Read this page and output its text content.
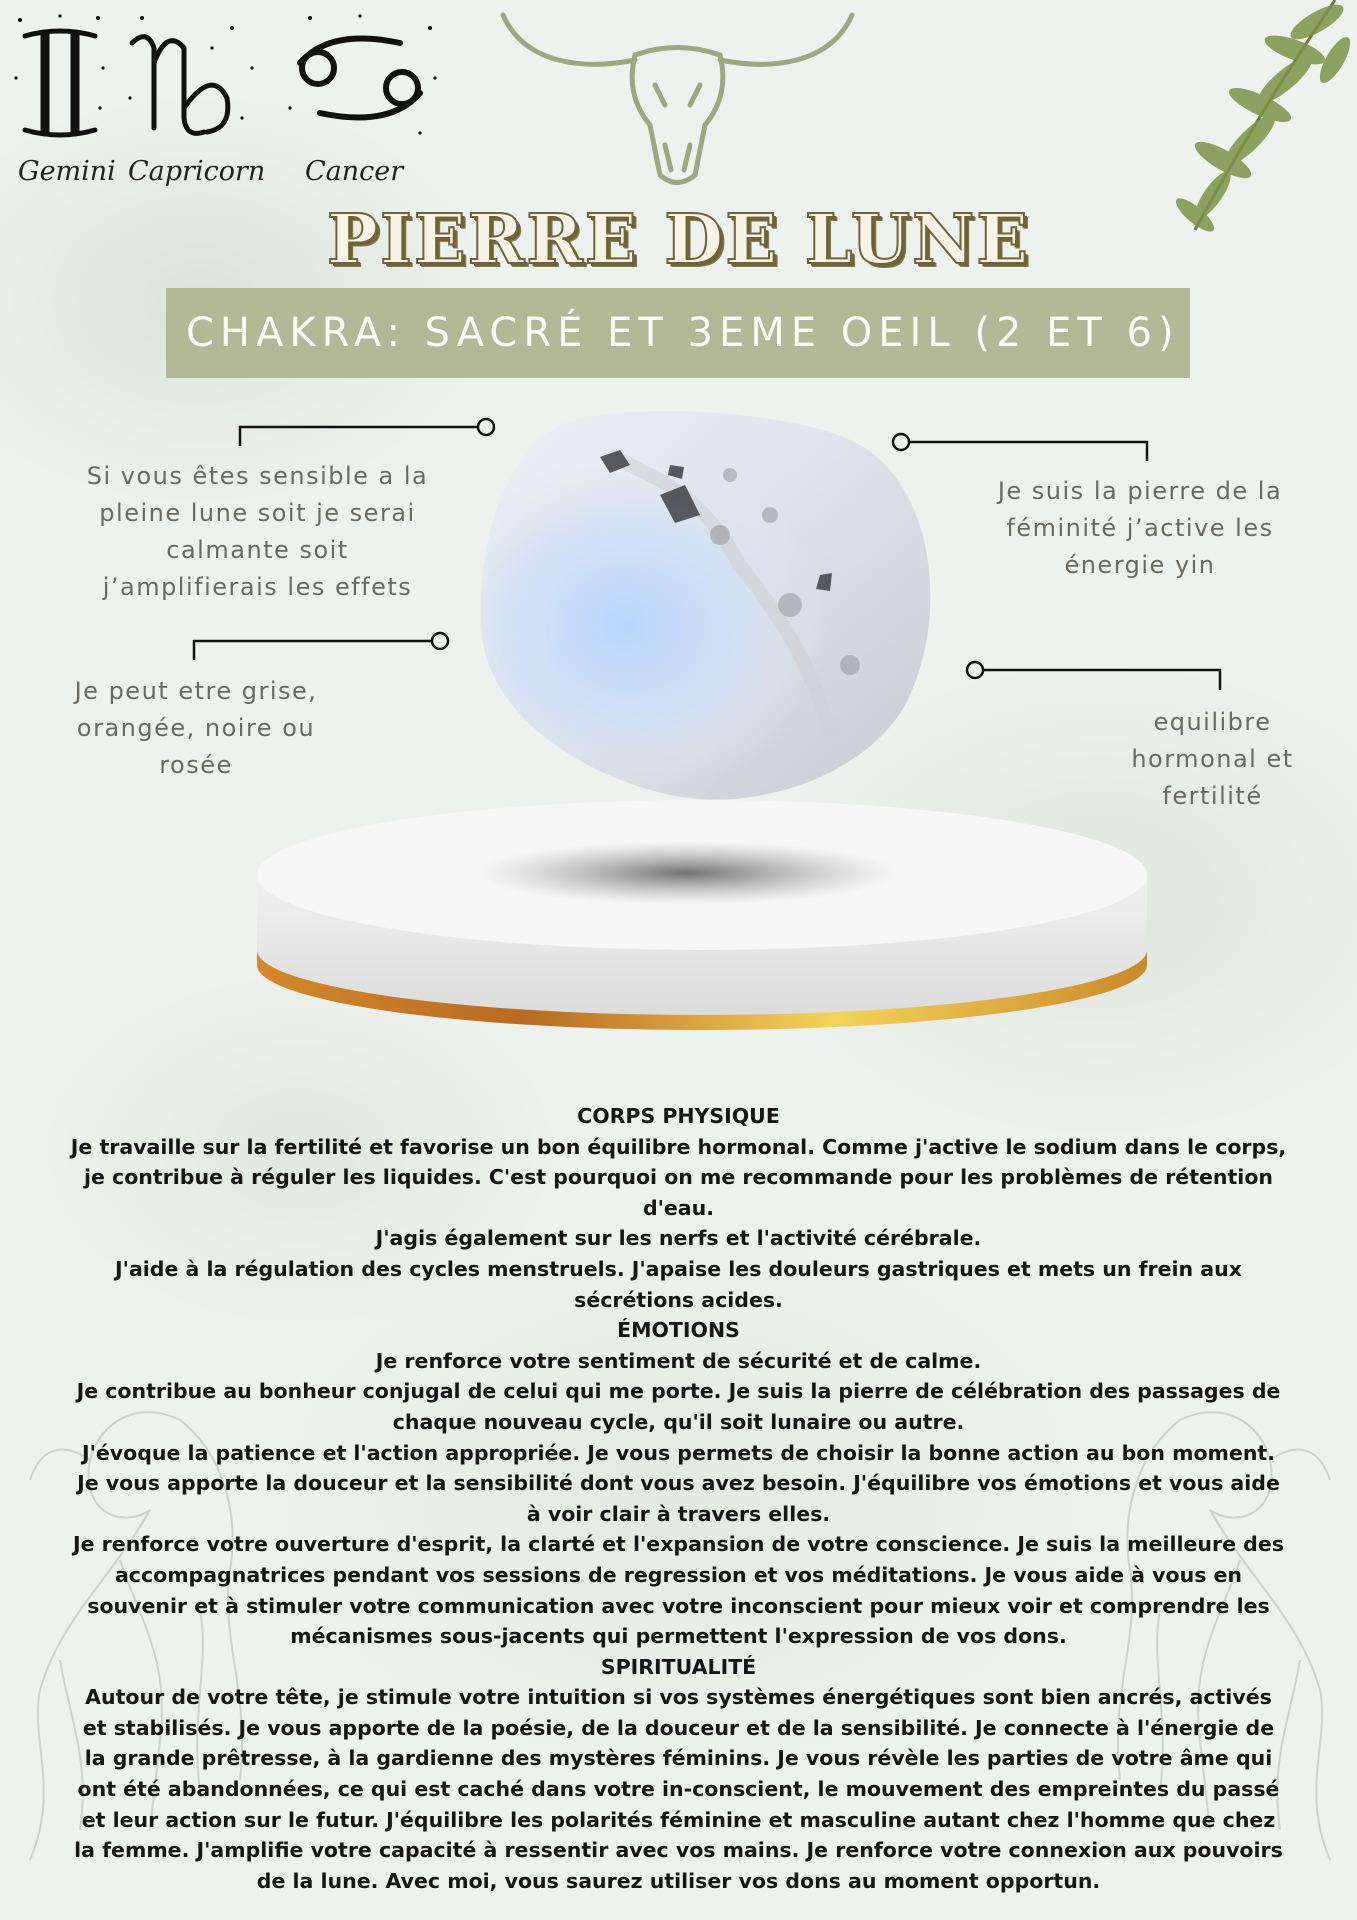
Gemini Capricorn Cancer
PIERRE DE LUNE
CHAKRA: SACRÉ ET 3EME OEIL (2 ET 6)
Si vous êtes sensible a la pleine lune soit je serai calmante soit j’amplifierais les effets
Je peut etre grise, orangée, noire ou rosée
Je suis la pierre de la féminité j’active les énergie yin
equilibre hormonal et fertilité

CORPS PHYSIQUE

Je travaille sur la fertilité et favorise un bon équilibre hormonal. Comme j'active le sodium dans le corps, je contribue à réguler les liquides. C'est pourquoi on me recommande pour les problèmes de rétention d'eau.

J'agis également sur les nerfs et l'activité cérébrale.

J'aide à la régulation des cycles menstruels. J'apaise les douleurs gastriques et mets un frein aux sécrétions acides.

ÉMOTIONS

Je renforce votre sentiment de sécurité et de calme.

Je contribue au bonheur conjugal de celui qui me porte. Je suis la pierre de célébration des passages de chaque nouveau cycle, qu'il soit lunaire ou autre.

J'évoque la patience et l'action appropriée. Je vous permets de choisir la bonne action au bon moment.

Je vous apporte la douceur et la sensibilité dont vous avez besoin. J'équilibre vos émotions et vous aide à voir clair à travers elles.

Je renforce votre ouverture d'esprit, la clarté et l'expansion de votre conscience. Je suis la meilleure des accompagnatrices pendant vos sessions de regression et vos méditations. Je vous aide à vous en souvenir et à stimuler votre communication avec votre inconscient pour mieux voir et comprendre les mécanismes sous-jacents qui permettent l'expression de vos dons.

SPIRITUALITÉ

Autour de votre tête, je stimule votre intuition si vos systèmes énergétiques sont bien ancrés, activés et stabilisés. Je vous apporte de la poésie, de la douceur et de la sensibilité. Je connecte à l'énergie de la grande prêtresse, à la gardienne des mystères féminins. Je vous révèle les parties de votre âme qui ont été abandonnées, ce qui est caché dans votre in-conscient, le mouvement des empreintes du passé et leur action sur le futur. J'équilibre les polarités féminine et masculine autant chez l'homme que chez la femme. J'amplifie votre capacité à ressentir avec vos mains. Je renforce votre connexion aux pouvoirs de la lune. Avec moi, vous saurez utiliser vos dons au moment opportun.
